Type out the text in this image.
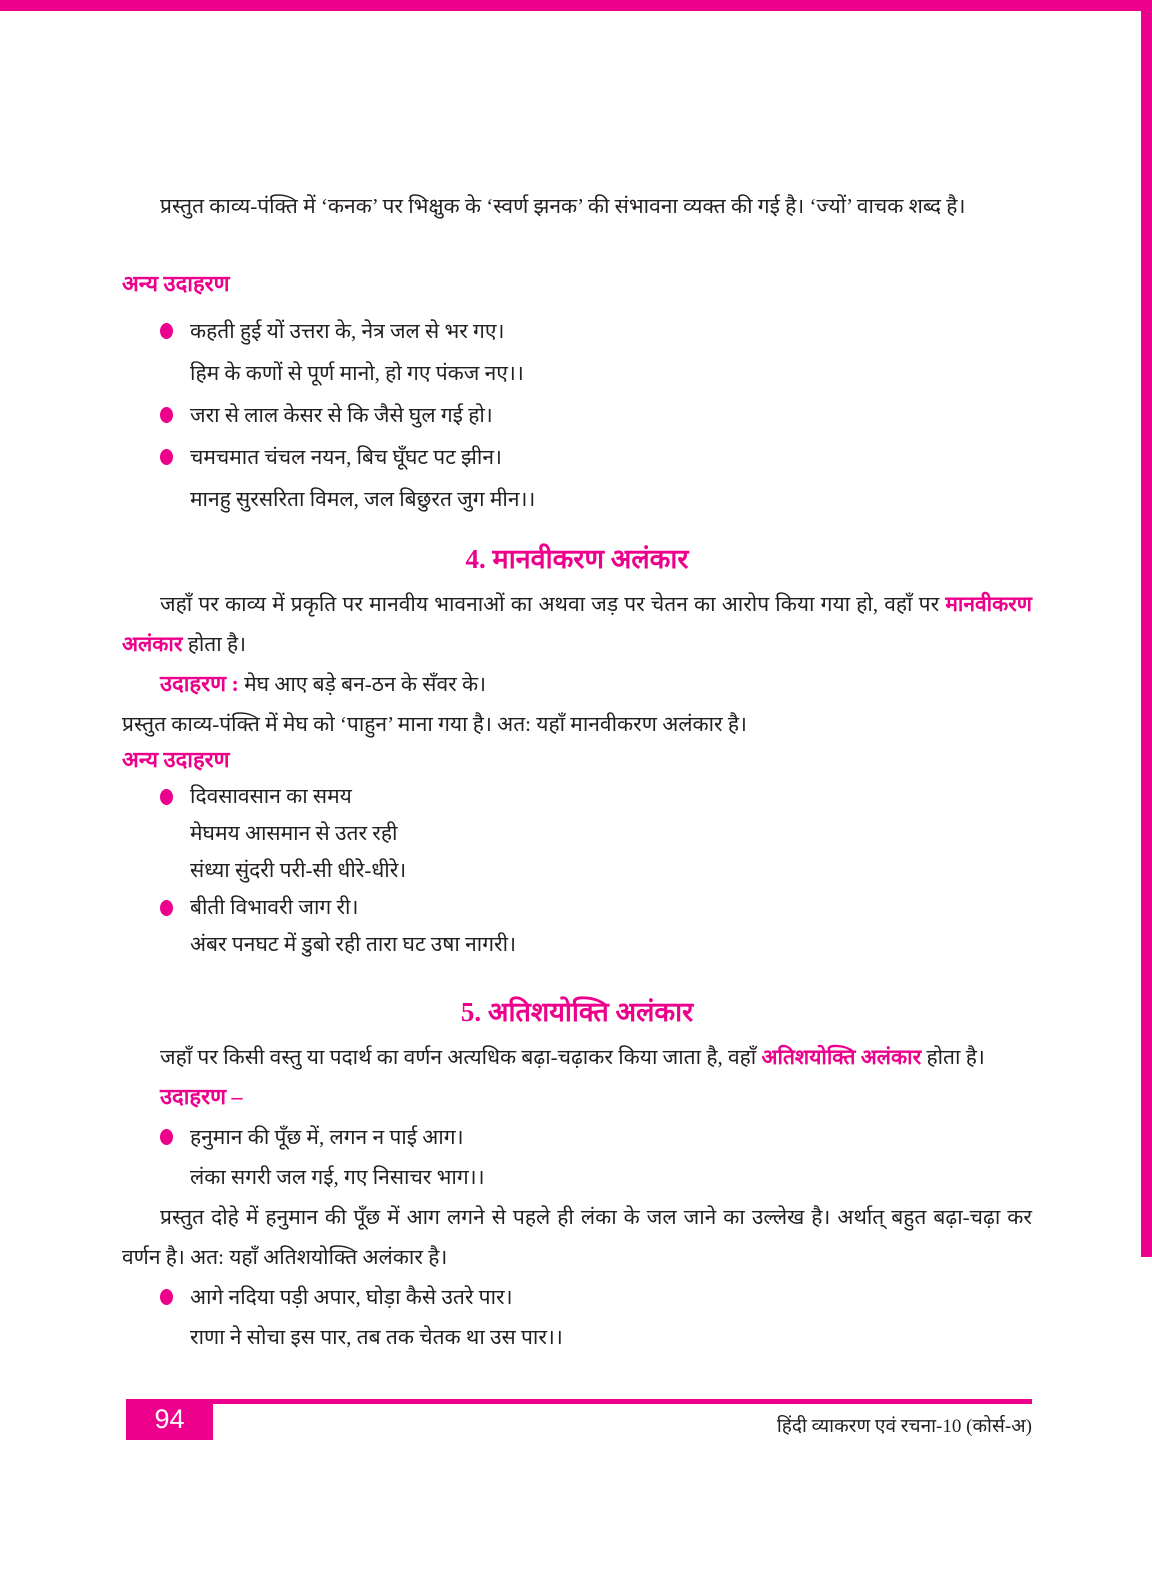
प्रस्तुत काव्य-पंक्ति में ‘कनक’ पर भिक्षुक के ‘स्वर्ण झनक’ की संभावना व्यक्त की गई है। ‘ज्यों’ वाचक शब्द है।

अन्य उदाहरण
कहती हुई यों उत्तरा के, नेत्र जल से भर गए।
हिम के कणों से पूर्ण मानो, हो गए पंकज नए।।
जरा से लाल केसर से कि जैसे घुल गई हो।
चमचमात चंचल नयन, बिच घूँघट पट झीन।
मानहु सुरसरिता विमल, जल बिछुरत जुग मीन।।
4. मानवीकरण अलंकार

जहाँ पर काव्य में प्रकृति पर मानवीय भावनाओं का अथवा जड़ पर चेतन का आरोप किया गया हो, वहाँ पर मानवीकरण अलंकार होता है।

उदाहरण : मेघ आए बड़े बन-ठन के सँवर के।

प्रस्तुत काव्य-पंक्ति में मेघ को ‘पाहुन’ माना गया है। अत: यहाँ मानवीकरण अलंकार है।

अन्य उदाहरण
दिवसावसान का समय
मेघमय आसमान से उतर रही
संध्या सुंदरी परी-सी धीरे-धीरे।
बीती विभावरी जाग री।
अंबर पनघट में डुबो रही तारा घट उषा नागरी।
5. अतिशयोक्ति अलंकार

जहाँ पर किसी वस्तु या पदार्थ का वर्णन अत्यधिक बढ़ा-चढ़ाकर किया जाता है, वहाँ अतिशयोक्ति अलंकार होता है।

उदाहरण –

हनुमान की पूँछ में, लगन न पाई आग।
लंका सगरी जल गई, गए निसाचर भाग।।

प्रस्तुत दोहे में हनुमान की पूँछ में आग लगने से पहले ही लंका के जल जाने का उल्लेख है। अर्थात् बहुत बढ़ा-चढ़ा कर वर्णन है। अत: यहाँ अतिशयोक्ति अलंकार है।

आगे नदिया पड़ी अपार, घोड़ा कैसे उतरे पार।
राणा ने सोचा इस पार, तब तक चेतक था उस पार।।
94	हिंदी व्याकरण एवं रचना-10 (कोर्स-अ)
